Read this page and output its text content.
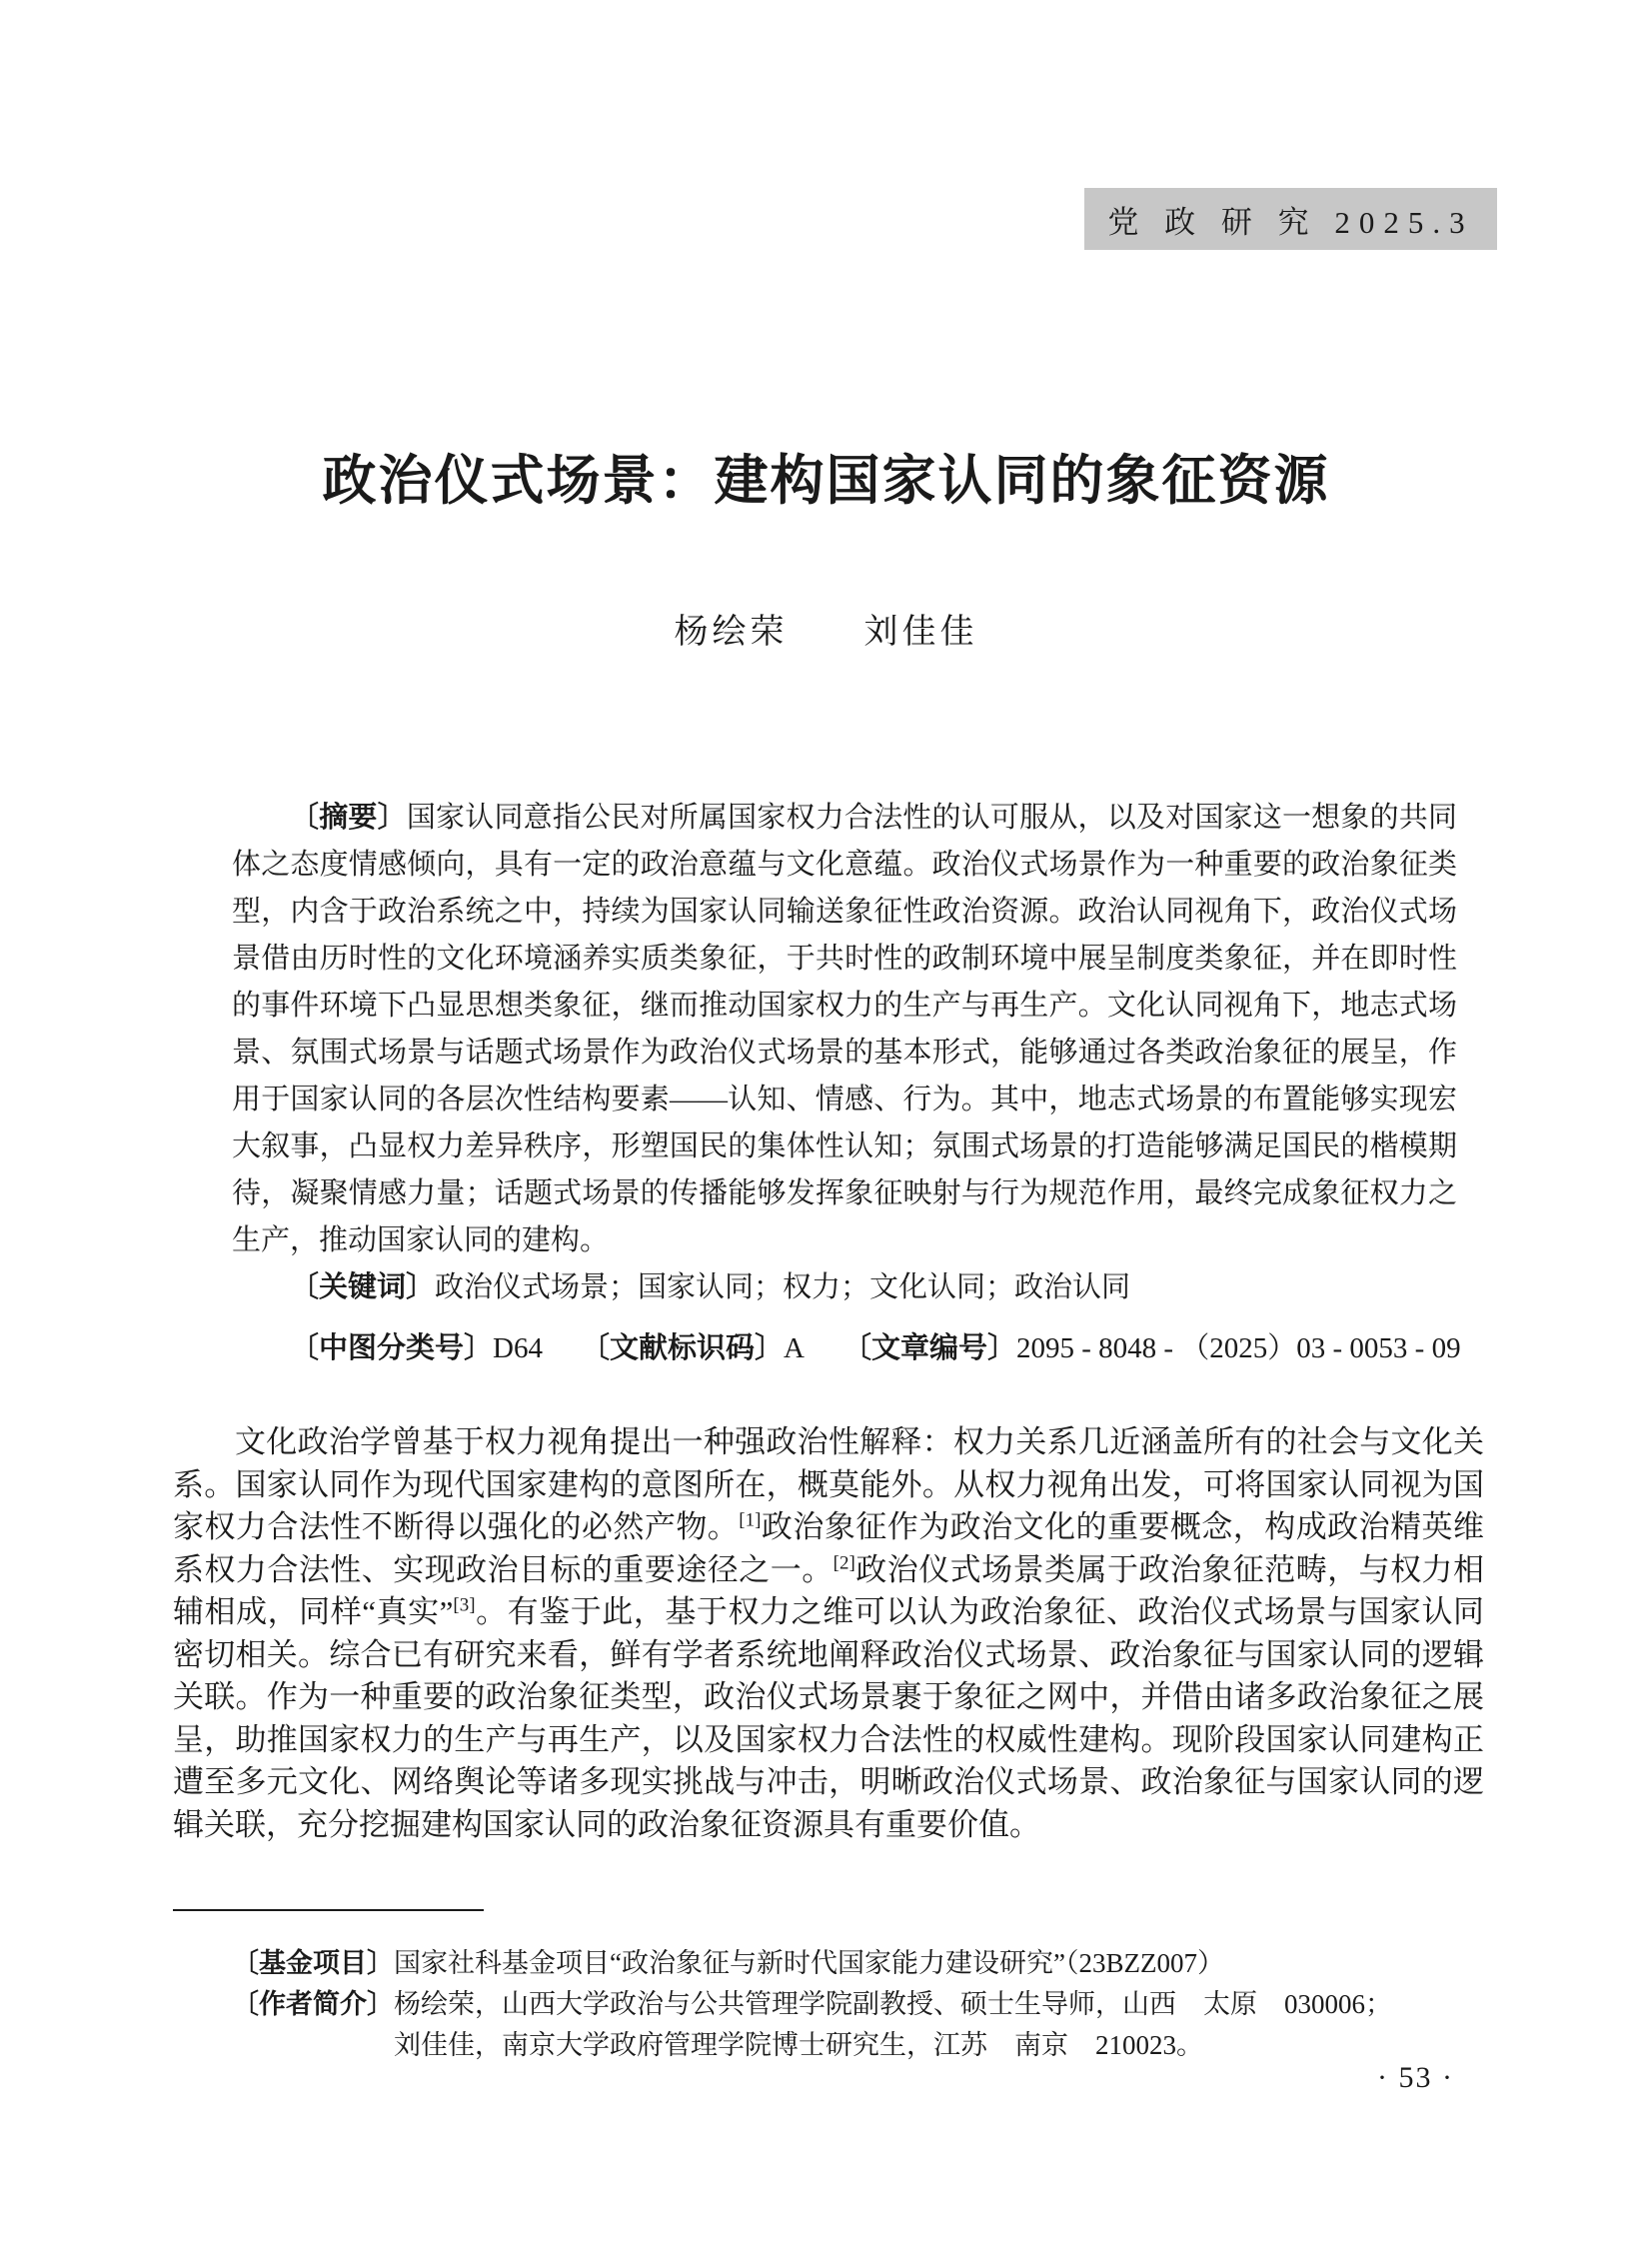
党 政 研 究 2025.3
政治仪式场景：建构国家认同的象征资源
杨绘荣　　刘佳佳

〔摘要〕国家认同意指公民对所属国家权力合法性的认可服从，以及对国家这一想象的共同体之态度情感倾向，具有一定的政治意蕴与文化意蕴。政治仪式场景作为一种重要的政治象征类型，内含于政治系统之中，持续为国家认同输送象征性政治资源。政治认同视角下，政治仪式场景借由历时性的文化环境涵养实质类象征，于共时性的政制环境中展呈制度类象征，并在即时性的事件环境下凸显思想类象征，继而推动国家权力的生产与再生产。文化认同视角下，地志式场景、氛围式场景与话题式场景作为政治仪式场景的基本形式，能够通过各类政治象征的展呈，作用于国家认同的各层次性结构要素——认知、情感、行为。其中，地志式场景的布置能够实现宏大叙事，凸显权力差异秩序，形塑国民的集体性认知；氛围式场景的打造能够满足国民的楷模期待，凝聚情感力量；话题式场景的传播能够发挥象征映射与行为规范作用，最终完成象征权力之生产，推动国家认同的建构。

〔关键词〕政治仪式场景；国家认同；权力；文化认同；政治认同

〔中图分类号〕D64 〔文献标识码〕A 〔文章编号〕2095 - 8048 - （2025）03 - 0053 - 09

文化政治学曾基于权力视角提出一种强政治性解释：权力关系几近涵盖所有的社会与文化关系。国家认同作为现代国家建构的意图所在，概莫能外。从权力视角出发，可将国家认同视为国家权力合法性不断得以强化的必然产物。[1]政治象征作为政治文化的重要概念，构成政治精英维系权力合法性、实现政治目标的重要途径之一。[2]政治仪式场景类属于政治象征范畴，与权力相辅相成，同样“真实”[3]。有鉴于此，基于权力之维可以认为政治象征、政治仪式场景与国家认同密切相关。综合已有研究来看，鲜有学者系统地阐释政治仪式场景、政治象征与国家认同的逻辑关联。作为一种重要的政治象征类型，政治仪式场景裹于象征之网中，并借由诸多政治象征之展呈，助推国家权力的生产与再生产，以及国家权力合法性的权威性建构。现阶段国家认同建构正遭至多元文化、网络舆论等诸多现实挑战与冲击，明晰政治仪式场景、政治象征与国家认同的逻辑关联，充分挖掘建构国家认同的政治象征资源具有重要价值。

〔基金项目〕 国家社科基金项目“政治象征与新时代国家能力建设研究”（23BZZ007）
〔作者简介〕 杨绘荣，山西大学政治与公共管理学院副教授、硕士生导师，山西　太原　030006；
刘佳佳，南京大学政府管理学院博士研究生，江苏　南京　210023。
· 53 ·
